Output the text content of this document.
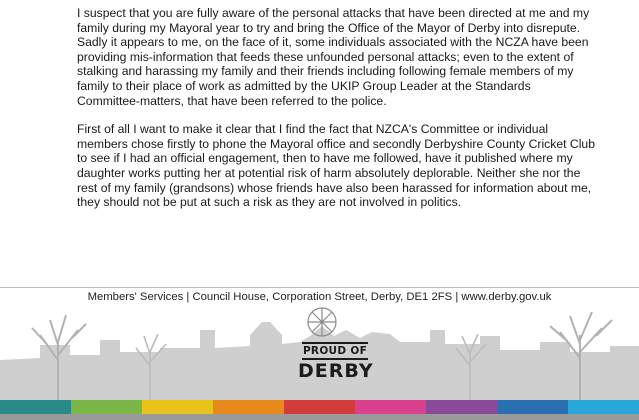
I suspect that you are fully aware of the personal attacks that have been directed at me and my family during my Mayoral year to try and bring the Office of the Mayor of Derby into disrepute. Sadly it appears to me, on the face of it, some individuals associated with the NCZA have been providing mis-information that feeds these unfounded personal attacks; even to the extent of stalking and harassing my family and their friends including following female members of my family to their place of work as admitted by the UKIP Group Leader at the Standards Committee-matters, that have been referred to the police.

First of all I want to make it clear that I find the fact that NZCA's Committee or individual members chose firstly to phone the Mayoral office and secondly Derbyshire County Cricket Club to see if I had an official engagement, then to have me followed, have it published where my daughter works putting her at potential risk of harm absolutely deplorable. Neither she nor the rest of my family (grandsons) whose friends have also been harassed for information about me, they should not be put at such a risk as they are not involved in politics.

Members' Services | Council House, Corporation Street, Derby, DE1 2FS | www.derby.gov.uk
PROUD OF
DERBY
